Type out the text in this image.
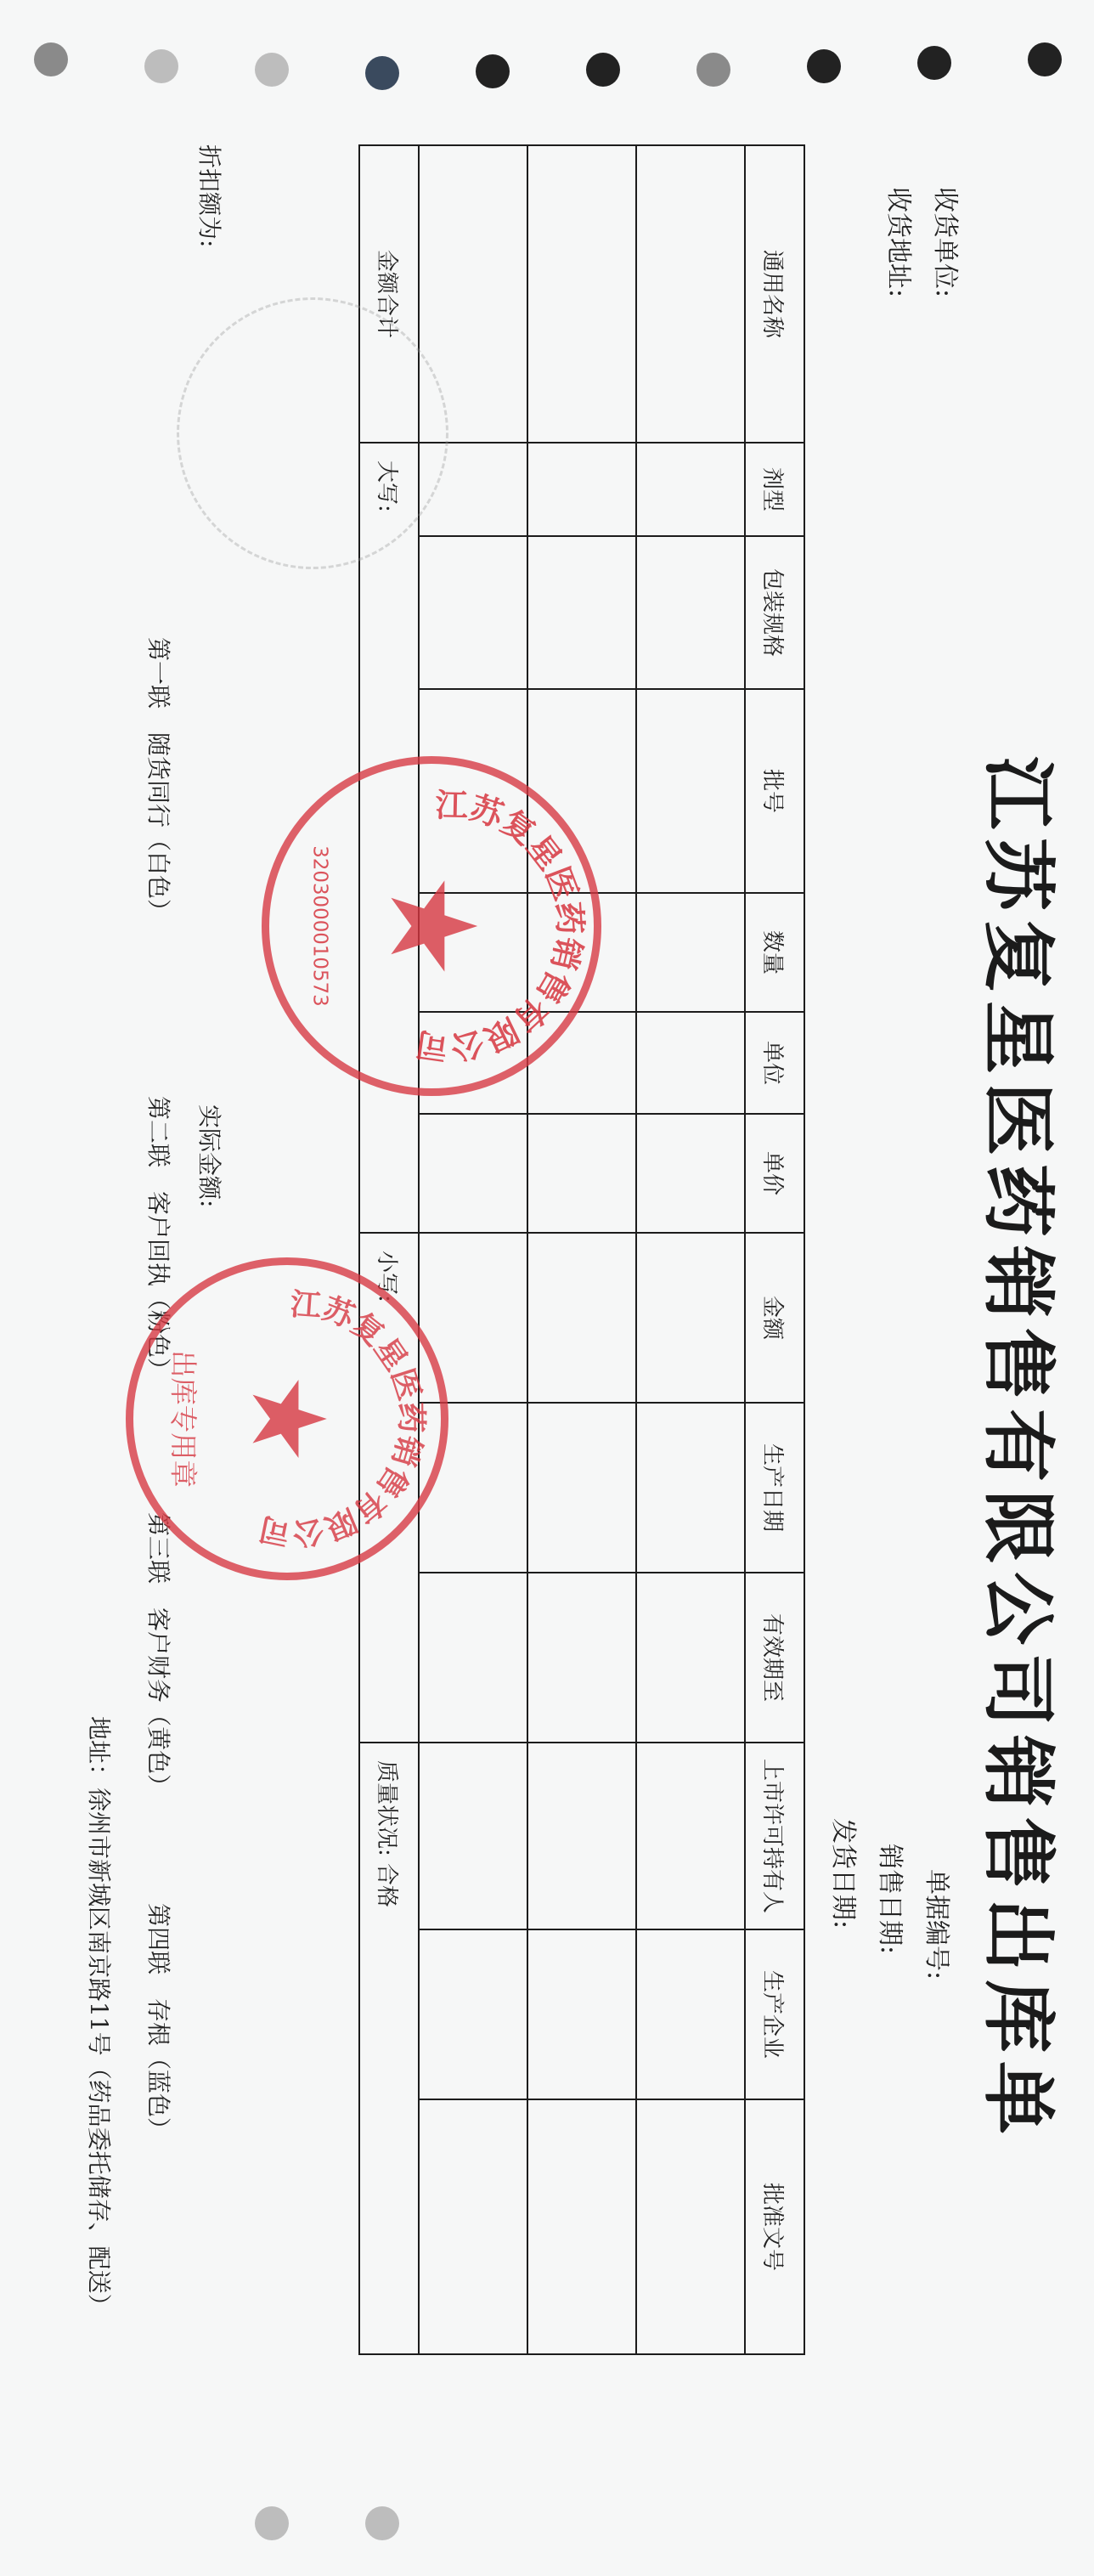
江苏复星医药销售有限公司销售出库单
收货单位:
收货地址:
单据编号:
销售日期:
发货日期:
通用名称	剂型	包装规格	批号	数量	单位	单价	金额	生产日期	有效期至	上市许可持有人	生产企业	批准文号

金额合计	大写:						小写:			质量状况: 合格		
折扣额为:
实际金额:
第一联　随货同行（白色）
第二联　客户回执（粉色）
第三联　客户财务（黄色）
第四联　存根（蓝色）
地址：徐州市新城区南京路11号（药品委托储存、配送）
江苏复星医药销售有限公司
3203000010573 ★
江苏复星医药销售有限公司
出库专用章 ★
